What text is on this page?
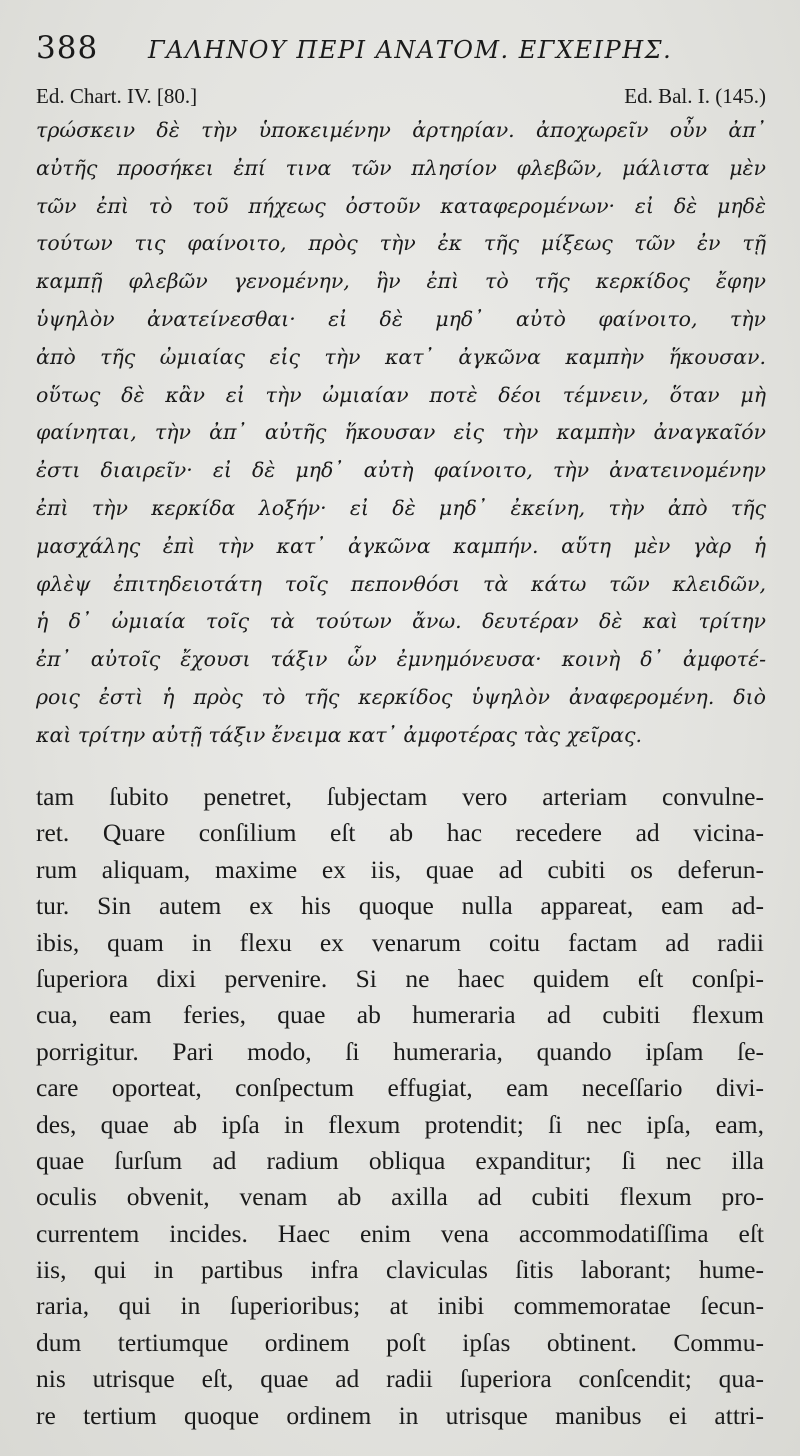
388 ΓΑΛΗΝΟΥ ΠΕΡΙ ΑΝΑΤΟΜ. ΕΓΧΕΙΡΗΣ.
Ed. Chart. IV. [80.]	Ed. Bal. I. (145.)
τρώσκειν δὲ τὴν ὑποκειμένην ἀρτηρίαν. ἀποχωρεῖν οὖν ἀπ᾿
αὐτῆς προσήκει ἐπί τινα τῶν πλησίον φλεβῶν, μάλιστα μὲν
τῶν ἐπὶ τὸ τοῦ πήχεως ὀστοῦν καταφερομένων· εἰ δὲ μηδὲ
τούτων τις φαίνοιτο, πρὸς τὴν ἐκ τῆς μίξεως τῶν ἐν τῇ
καμπῇ φλεβῶν γενομένην, ἣν ἐπὶ τὸ τῆς κερκίδος ἔφην
ὑψηλὸν ἀνατείνεσθαι· εἰ δὲ μηδ᾿ αὐτὸ φαίνοιτο, τὴν
ἀπὸ τῆς ὠμιαίας εἰς τὴν κατ᾿ ἀγκῶνα καμπὴν ἥκουσαν.
οὕτως δὲ κἂν εἰ τὴν ὠμιαίαν ποτὲ δέοι τέμνειν, ὅταν μὴ
φαίνηται, τὴν ἀπ᾿ αὐτῆς ἥκουσαν εἰς τὴν καμπὴν ἀναγκαῖόν
ἐστι διαιρεῖν· εἰ δὲ μηδ᾿ αὐτὴ φαίνοιτο, τὴν ἀνατεινομένην
ἐπὶ τὴν κερκίδα λοξήν· εἰ δὲ μηδ᾿ ἐκείνη, τὴν ἀπὸ τῆς
μασχάλης ἐπὶ τὴν κατ᾿ ἀγκῶνα καμπήν. αὕτη μὲν γὰρ ἡ
φλὲψ ἐπιτηδειοτάτη τοῖς πεπονθόσι τὰ κάτω τῶν κλειδῶν,
ἡ δ᾿ ὠμιαία τοῖς τὰ τούτων ἄνω. δευτέραν δὲ καὶ τρίτην
ἐπ᾿ αὐτοῖς ἔχουσι τάξιν ὧν ἐμνημόνευσα· κοινὴ δ᾿ ἀμφοτέ-
ροις ἐστὶ ἡ πρὸς τὸ τῆς κερκίδος ὑψηλὸν ἀναφερομένη. διὸ
καὶ τρίτην αὐτῇ τάξιν ἔνειμα κατ᾿ ἀμφοτέρας τὰς χεῖρας.
tam ſubito penetret, ſubjectam vero arteriam convulne-
ret. Quare conſilium eſt ab hac recedere ad vicina-
rum aliquam, maxime ex iis, quae ad cubiti os deferun-
tur. Sin autem ex his quoque nulla appareat, eam ad-
ibis, quam in flexu ex venarum coitu factam ad radii
ſuperiora dixi pervenire. Si ne haec quidem eſt conſpi-
cua, eam feries, quae ab humeraria ad cubiti flexum
porrigitur. Pari modo, ſi humeraria, quando ipſam ſe-
care oporteat, conſpectum effugiat, eam neceſſario divi-
des, quae ab ipſa in flexum protendit; ſi nec ipſa, eam,
quae ſurſum ad radium obliqua expanditur; ſi nec illa
oculis obvenit, venam ab axilla ad cubiti flexum pro-
currentem incides. Haec enim vena accommodatiſſima eſt
iis, qui in partibus infra claviculas ſitis laborant; hume-
raria, qui in ſuperioribus; at inibi commemoratae ſecun-
dum tertiumque ordinem poſt ipſas obtinent. Commu-
nis utrisque eſt, quae ad radii ſuperiora conſcendit; qua-
re tertium quoque ordinem in utrisque manibus ei attri-
